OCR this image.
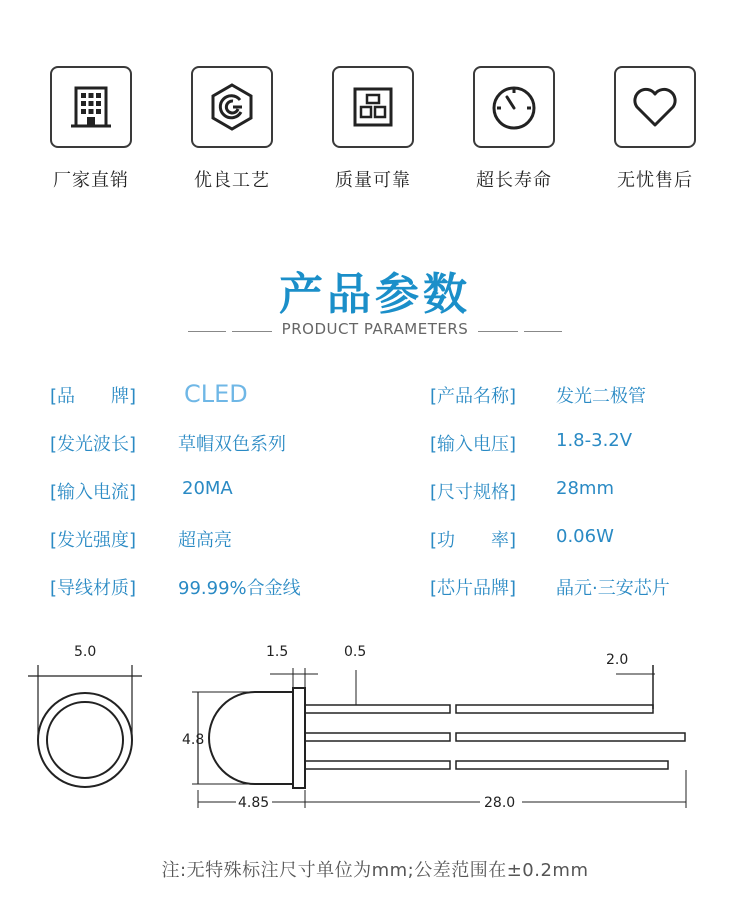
厂家直销	优良工艺	质量可靠	超长寿命	无忧售后
产品参数
PRODUCT PARAMETERS
[品　　牌] CLED	[产品名称] 发光二极管
[发光波长] 草帽双色系列	[输入电压] 1.8-3.2V
[输入电流]	20MA	[尺寸规格] 28mm
[发光强度] 超高亮	[功　　率] 0.06W
[导线材质] 99.99%合金线	[芯片品牌] 晶元·三安芯片
5.0	1.5	0.5	2.0
4.8
4.85	28.0
注:无特殊标注尺寸单位为mm;公差范围在±0.2mm
